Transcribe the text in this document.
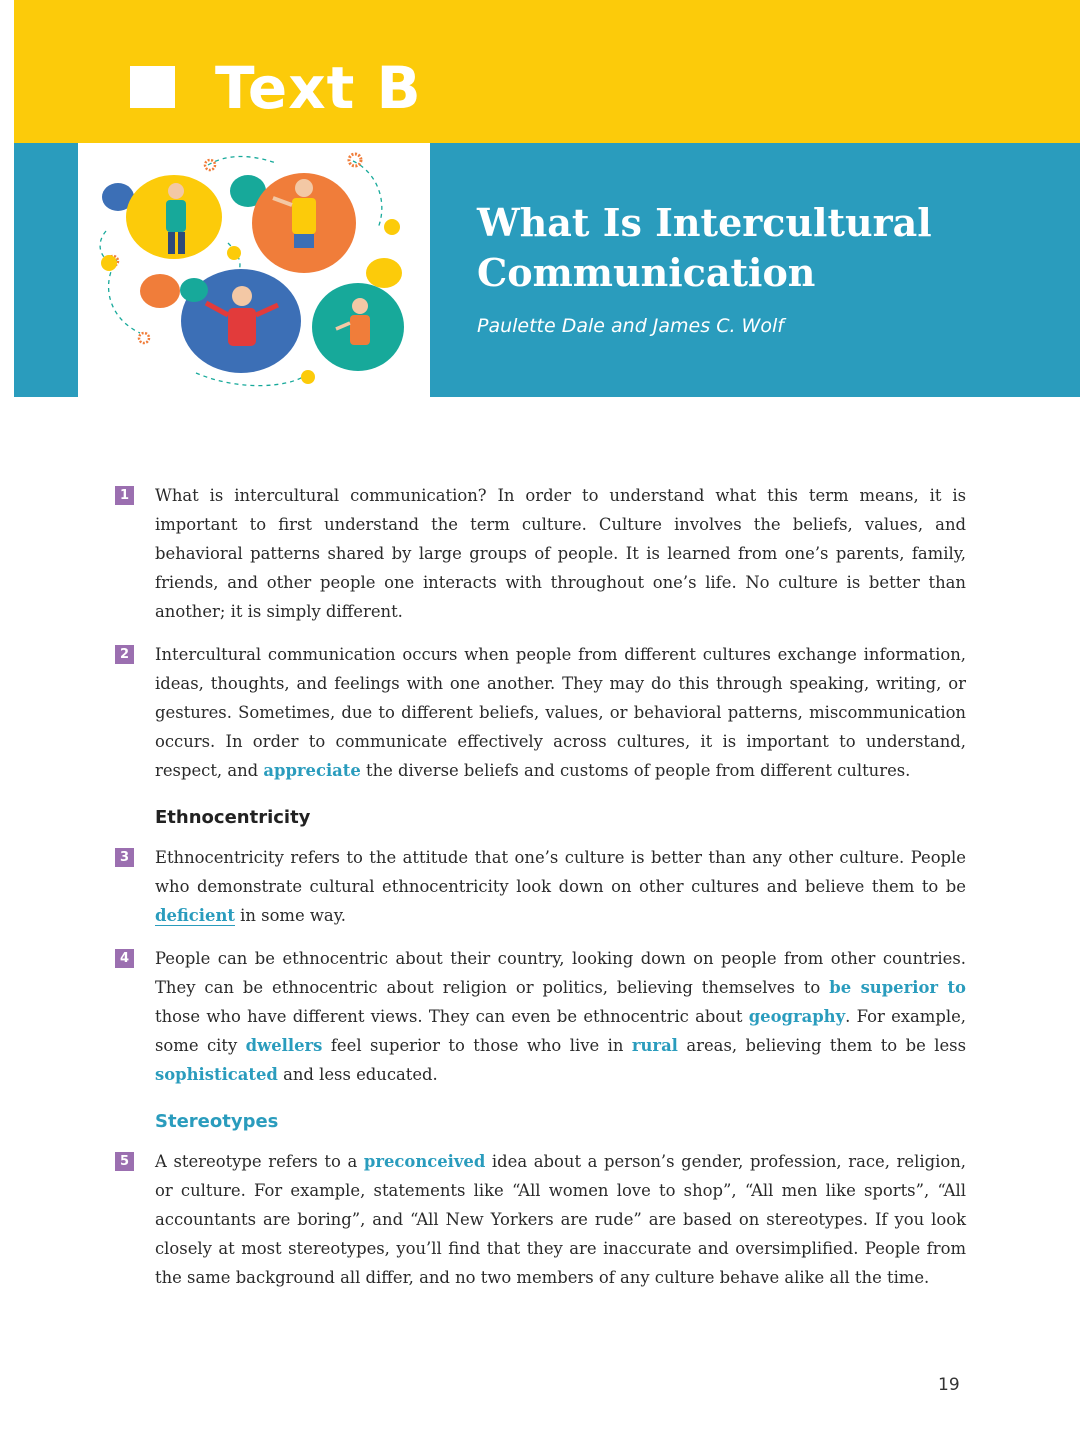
Text B
What Is Intercultural
Communication
Paulette Dale and James C. Wolf

1	What is intercultural communication? In order to understand what this term means, it is important to first understand the term culture. Culture involves the beliefs, values, and behavioral patterns shared by large groups of people. It is learned from one’s parents, family, friends, and other people one interacts with throughout one’s life. No culture is better than another; it is simply different.

2	Intercultural communication occurs when people from different cultures exchange information, ideas, thoughts, and feelings with one another. They may do this through speaking, writing, or gestures. Sometimes, due to different beliefs, values, or behavioral patterns, miscommunication occurs. In order to communicate effectively across cultures, it is important to understand, respect, and appreciate the diverse beliefs and customs of people from different cultures.

Ethnocentricity

3	Ethnocentricity refers to the attitude that one’s culture is better than any other culture. People who demonstrate cultural ethnocentricity look down on other cultures and believe them to be deficient in some way.

4	People can be ethnocentric about their country, looking down on people from other countries. They can be ethnocentric about religion or politics, believing themselves to be superior to those who have different views. They can even be ethnocentric about geography. For example, some city dwellers feel superior to those who live in rural areas, believing them to be less sophisticated and less educated.

Stereotypes

5	A stereotype refers to a preconceived idea about a person’s gender, profession, race, religion, or culture. For example, statements like “All women love to shop”, “All men like sports”, “All accountants are boring”, and “All New Yorkers are rude” are based on stereotypes. If you look closely at most stereotypes, you’ll find that they are inaccurate and oversimplified. People from the same background all differ, and no two members of any culture behave alike all the time.

19
